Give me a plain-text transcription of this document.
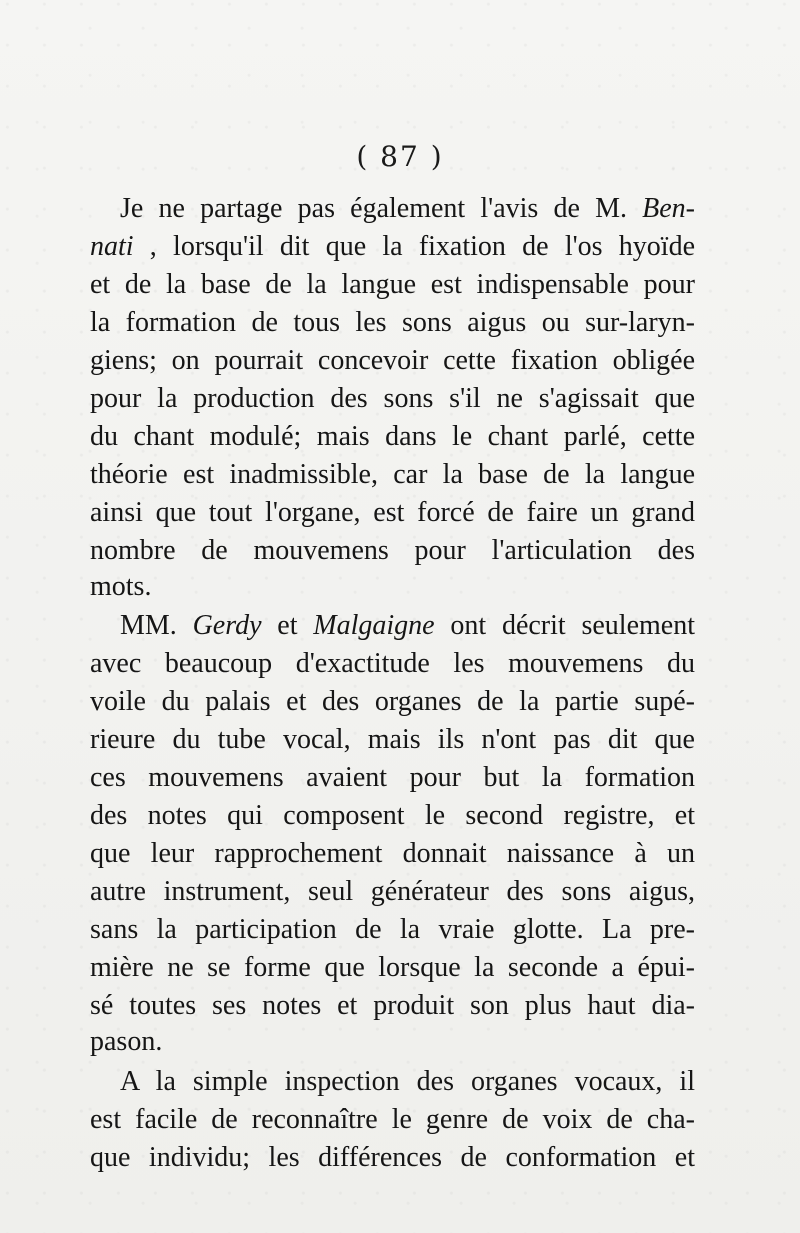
( 87 )
Je ne partage pas également l'avis de M. Ben-
nati , lorsqu'il dit que la fixation de l'os hyoïde
et de la base de la langue est indispensable pour
la formation de tous les sons aigus ou sur-laryn-
giens; on pourrait concevoir cette fixation obligée
pour la production des sons s'il ne s'agissait que
du chant modulé; mais dans le chant parlé, cette
théorie est inadmissible, car la base de la langue
ainsi que tout l'organe, est forcé de faire un grand
nombre de mouvemens pour l'articulation des
mots.
MM. Gerdy et Malgaigne ont décrit seulement
avec beaucoup d'exactitude les mouvemens du
voile du palais et des organes de la partie supé-
rieure du tube vocal, mais ils n'ont pas dit que
ces mouvemens avaient pour but la formation
des notes qui composent le second registre, et
que leur rapprochement donnait naissance à un
autre instrument, seul générateur des sons aigus,
sans la participation de la vraie glotte. La pre-
mière ne se forme que lorsque la seconde a épui-
sé toutes ses notes et produit son plus haut dia-
pason.
A la simple inspection des organes vocaux, il
est facile de reconnaître le genre de voix de cha-
que individu; les différences de conformation et
